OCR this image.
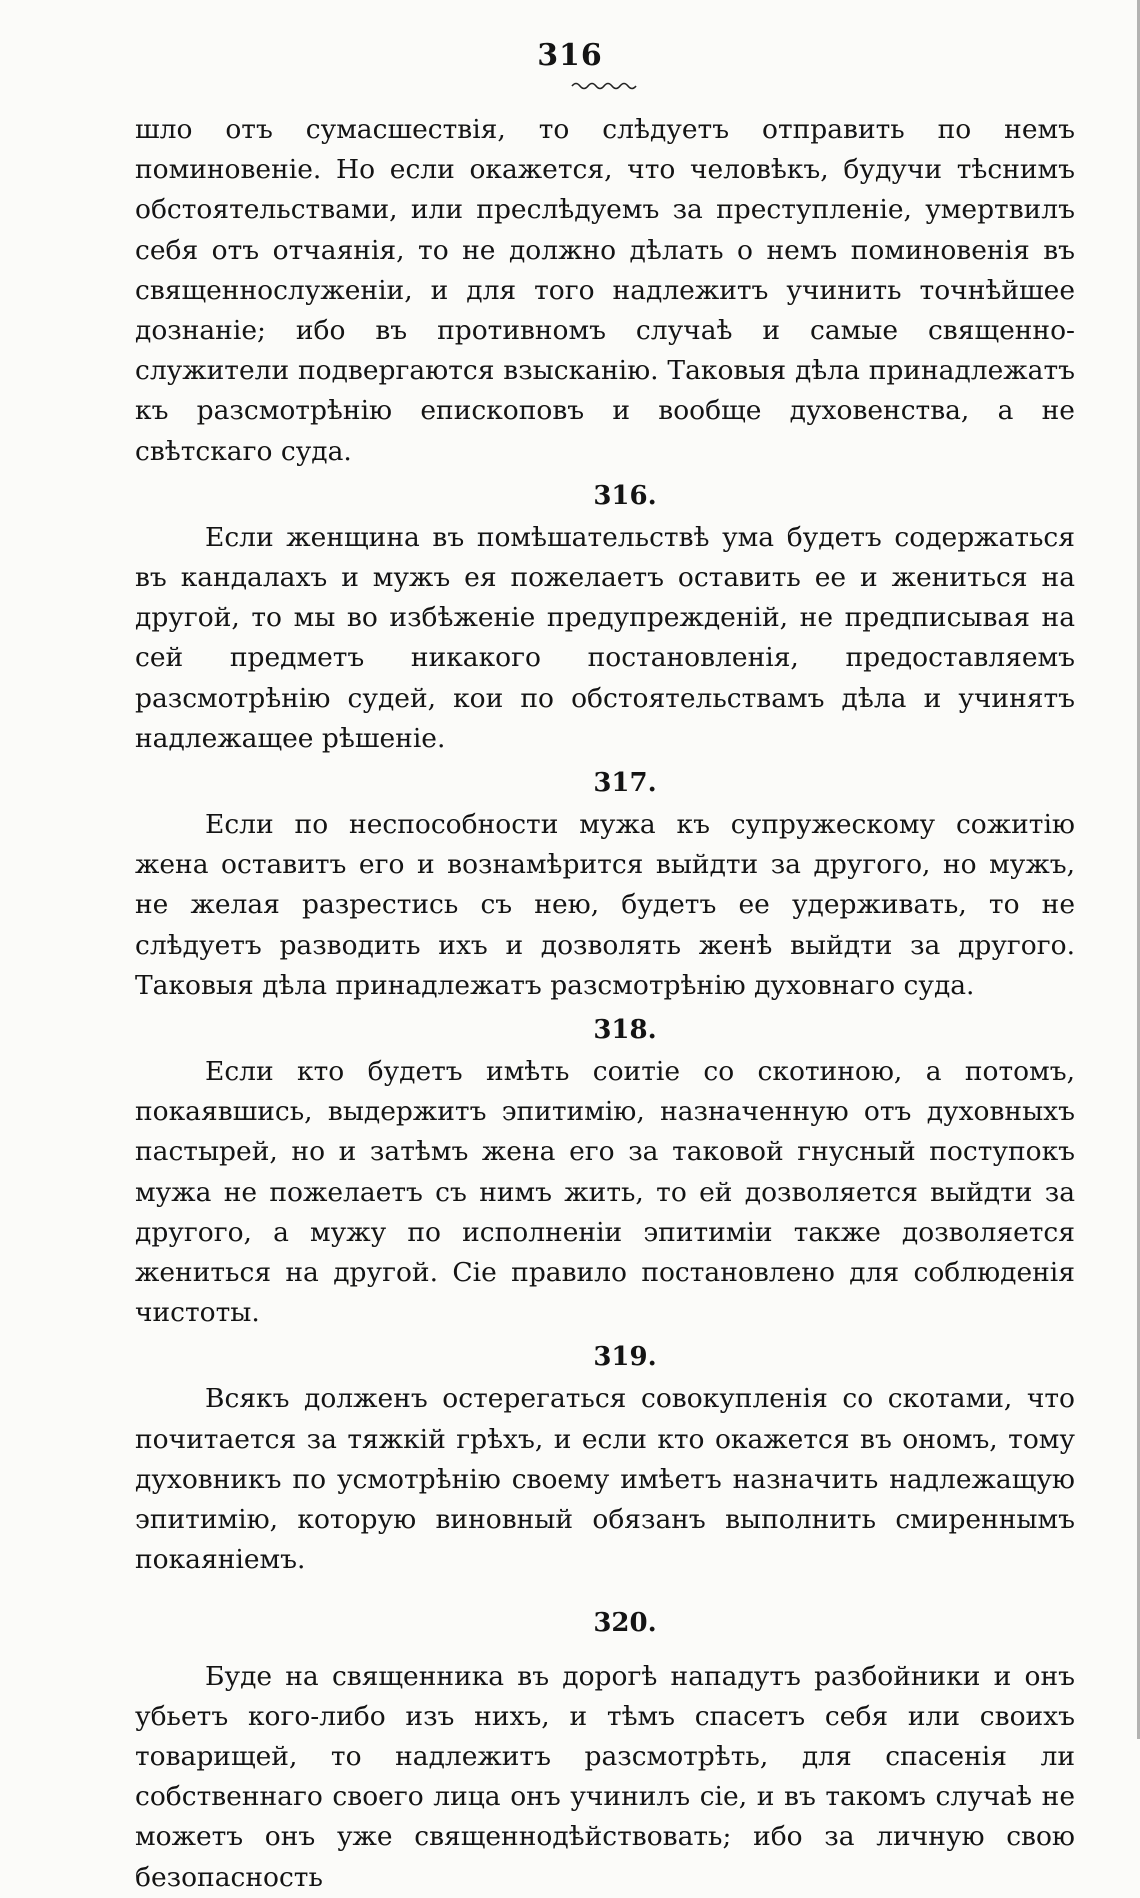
316

шло отъ сумасшествія, то слѣдуетъ отправить по немъ поминовеніе. Но если окажется, что человѣкъ, будучи тѣснимъ обстоятельствами, или преслѣдуемъ за преступленіе, умертвилъ себя отъ отчаянія, то не должно дѣлать о немъ поминовенія въ священнослуженіи, и для того надлежитъ учинить точнѣйшее дознаніе; ибо въ противномъ случаѣ и самые священно-служители подвергаются взысканію. Таковыя дѣла принадлежатъ къ разсмотрѣнію епископовъ и вообще духовенства, а не свѣтскаго суда.

316.

Если женщина въ помѣшательствѣ ума будетъ содержаться въ кандалахъ и мужъ ея пожелаетъ оставить ее и жениться на другой, то мы во избѣженіе предупрежденій, не предписывая на сей предметъ никакого постановленія, предоставляемъ разсмотрѣнію судей, кои по обстоятельствамъ дѣла и учинятъ надлежащее рѣшеніе.

317.

Если по неспособности мужа къ супружескому сожитію жена оставитъ его и вознамѣрится выйдти за другого, но мужъ, не желая разрестись съ нею, будетъ ее удерживать, то не слѣдуетъ разводить ихъ и дозволять женѣ выйдти за другого. Таковыя дѣла принадлежатъ разсмотрѣнію духовнаго суда.

318.

Если кто будетъ имѣть соитіе со скотиною, а потомъ, покаявшись, выдержитъ эпитимію, назначенную отъ духовныхъ пастырей, но и затѣмъ жена его за таковой гнусный поступокъ мужа не пожелаетъ съ нимъ жить, то ей дозволяется выйдти за другого, а мужу по исполненіи эпитиміи также дозволяется жениться на другой. Сіе правило постановлено для соблюденія чистоты.

319.

Всякъ долженъ остерегаться совокупленія со скотами, что почитается за тяжкій грѣхъ, и если кто окажется въ ономъ, тому духовникъ по усмотрѣнію своему имѣетъ назначить надлежащую эпитимію, которую виновный обязанъ выполнить смиреннымъ покаяніемъ.

320.

Буде на священника въ дорогѣ нападутъ разбойники и онъ убьетъ кого-либо изъ нихъ, и тѣмъ спасетъ себя или своихъ товарищей, то надлежитъ разсмотрѣть, для спасенія ли собственнаго своего лица онъ учинилъ сіе, и въ такомъ случаѣ не можетъ онъ уже священнодѣйствовать; ибо за личную свою безопасность
